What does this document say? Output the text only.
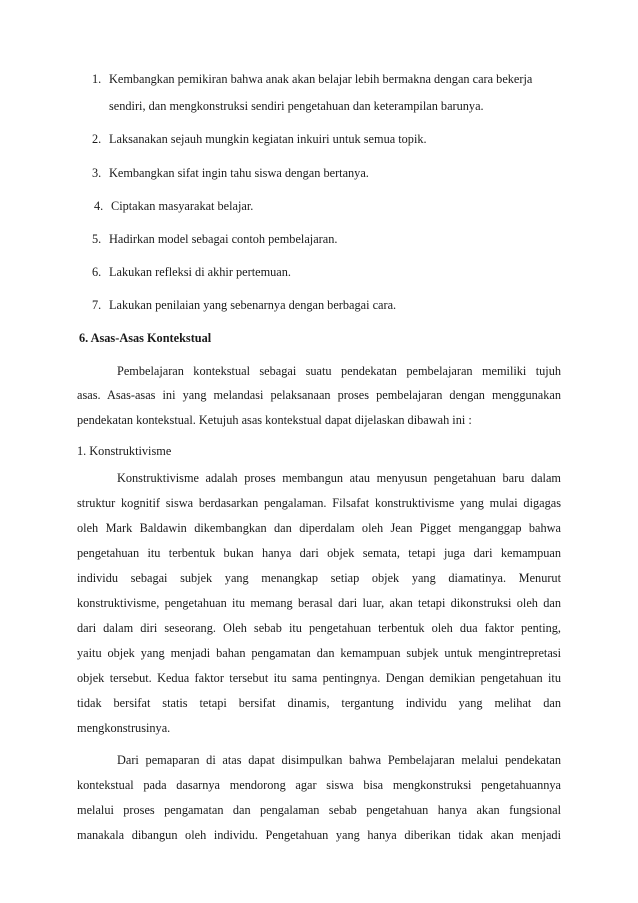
1. Kembangkan pemikiran bahwa anak akan belajar lebih bermakna dengan cara bekerja
sendiri, dan mengkonstruksi sendiri pengetahuan dan keterampilan barunya.
2. Laksanakan sejauh mungkin kegiatan inkuiri untuk semua topik.
3. Kembangkan sifat ingin tahu siswa dengan bertanya.
4. Ciptakan masyarakat belajar.
5. Hadirkan model sebagai contoh pembelajaran.
6. Lakukan refleksi di akhir pertemuan.
7. Lakukan penilaian yang sebenarnya dengan berbagai cara.
6. Asas-Asas Kontekstual
Pembelajaran kontekstual sebagai suatu pendekatan pembelajaran memiliki tujuh
asas. Asas-asas ini yang melandasi pelaksanaan proses pembelajaran dengan menggunakan
pendekatan kontekstual. Ketujuh asas kontekstual dapat dijelaskan dibawah ini :
1. Konstruktivisme
Konstruktivisme adalah proses membangun atau menyusun pengetahuan baru dalam
struktur kognitif siswa berdasarkan pengalaman. Filsafat konstruktivisme yang mulai digagas
oleh Mark Baldawin dikembangkan dan diperdalam oleh Jean Pigget menganggap bahwa
pengetahuan itu terbentuk bukan hanya dari objek semata, tetapi juga dari kemampuan
individu sebagai subjek yang menangkap setiap objek yang diamatinya. Menurut
konstruktivisme, pengetahuan itu memang berasal dari luar, akan tetapi dikonstruksi oleh dan
dari dalam diri seseorang. Oleh sebab itu pengetahuan terbentuk oleh dua faktor penting,
yaitu objek yang menjadi bahan pengamatan dan kemampuan subjek untuk mengintrepretasi
objek tersebut. Kedua faktor tersebut itu sama pentingnya. Dengan demikian pengetahuan itu
tidak bersifat statis tetapi bersifat dinamis, tergantung individu yang melihat dan
mengkonstrusinya.
Dari pemaparan di atas dapat disimpulkan bahwa Pembelajaran melalui pendekatan
kontekstual pada dasarnya mendorong agar siswa bisa mengkonstruksi pengetahuannya
melalui proses pengamatan dan pengalaman sebab pengetahuan hanya akan fungsional
manakala dibangun oleh individu. Pengetahuan yang hanya diberikan tidak akan menjadi
